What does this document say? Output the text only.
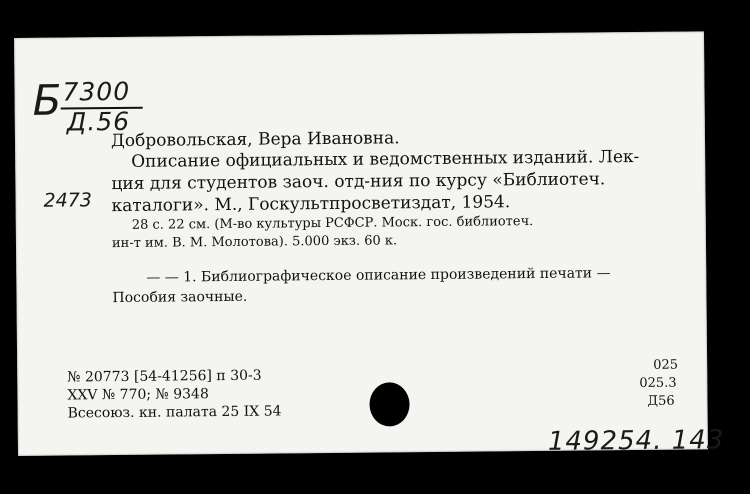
Б 7300
Д.56
Добровольская, Вера Ивановна.
Описание официальных и ведомственных изданий. Лек-
ция для студентов заоч. отд-ния по курсу «Библиотеч.
каталоги». М., Госкультпросветиздат, 1954.
2473
28 с. 22 см. (М-во культуры РСФСР. Моск. гос. библиотеч.
ин-т им. В. М. Молотова). 5.000 экз. 60 к.
— — 1. Библиографическое описание произведений печати —
Пособия заочные.
№ 20773 [54-41256] п 30-3
XXV № 770; № 9348
Всесоюз. кн. палата 25 IX 54
025
025.3
Д56
149254. 143
